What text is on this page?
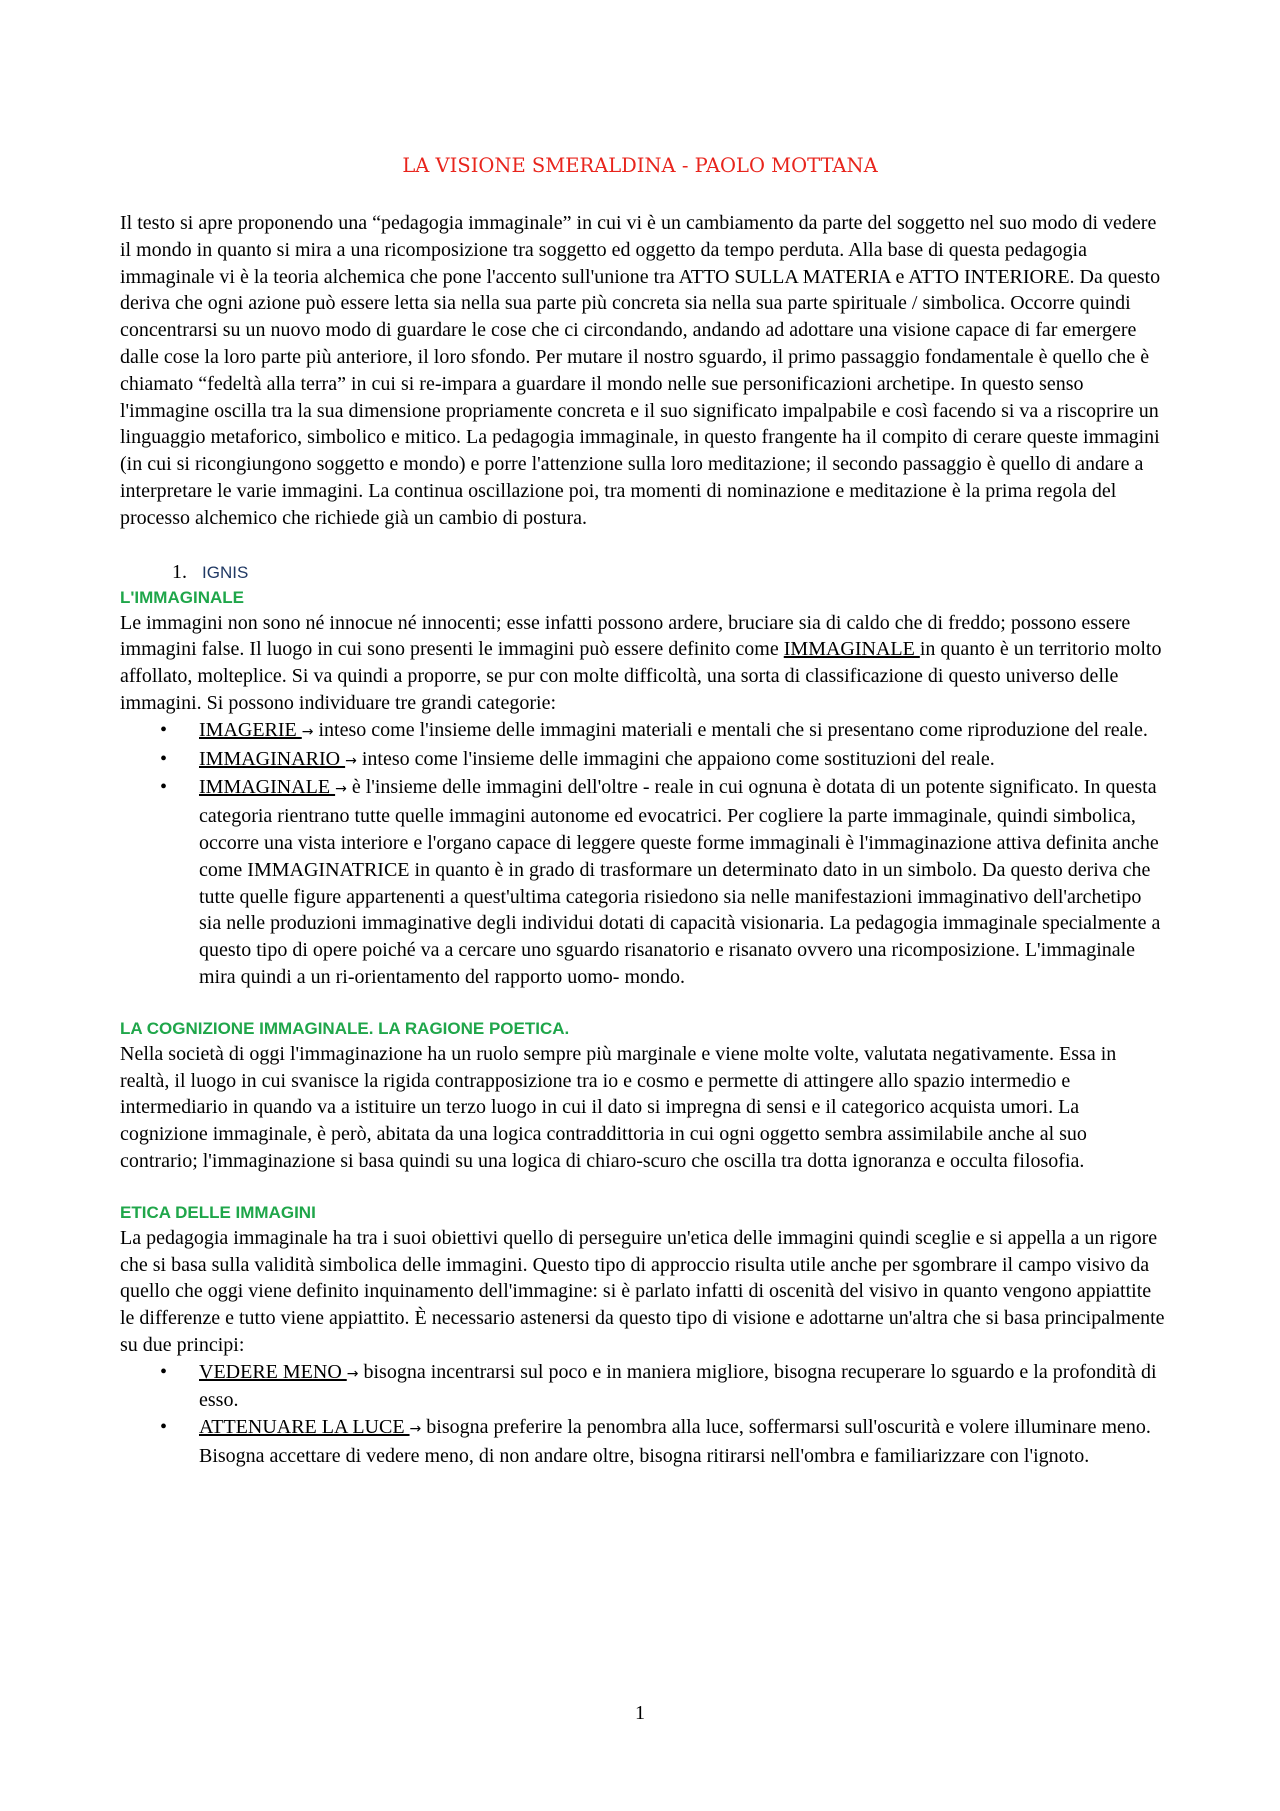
LA VISIONE SMERALDINA - PAOLO MOTTANA

Il testo si apre proponendo una “pedagogia immaginale” in cui vi è un cambiamento da parte del soggetto nel suo modo di vedere il mondo in quanto si mira a una ricomposizione tra soggetto ed oggetto da tempo perduta. Alla base di questa pedagogia immaginale vi è la teoria alchemica che pone l'accento sull'unione tra ATTO SULLA MATERIA e ATTO INTERIORE. Da questo deriva che ogni azione può essere letta sia nella sua parte più concreta sia nella sua parte spirituale / simbolica. Occorre quindi concentrarsi su un nuovo modo di guardare le cose che ci circondando, andando ad adottare una visione capace di far emergere dalle cose la loro parte più anteriore, il loro sfondo. Per mutare il nostro sguardo, il primo passaggio fondamentale è quello che è chiamato “fedeltà alla terra” in cui si re-impara a guardare il mondo nelle sue personificazioni archetipe. In questo senso l'immagine oscilla tra la sua dimensione propriamente concreta e il suo significato impalpabile e così facendo si va a riscoprire un linguaggio metaforico, simbolico e mitico. La pedagogia immaginale, in questo frangente ha il compito di cerare queste immagini (in cui si ricongiungono soggetto e mondo) e porre l'attenzione sulla loro meditazione; il secondo passaggio è quello di andare a interpretare le varie immagini. La continua oscillazione poi, tra momenti di nominazione e meditazione è la prima regola del processo alchemico che richiede già un cambio di postura.

1. IGNIS
L'IMMAGINALE

Le immagini non sono né innocue né innocenti; esse infatti possono ardere, bruciare sia di caldo che di freddo; possono essere immagini false. Il luogo in cui sono presenti le immagini può essere definito come IMMAGINALE in quanto è un territorio molto affollato, molteplice. Si va quindi a proporre, se pur con molte difficoltà, una sorta di classificazione di questo universo delle immagini. Si possono individuare tre grandi categorie:

• IMAGERIE → inteso come l'insieme delle immagini materiali e mentali che si presentano come riproduzione del reale.
• IMMAGINARIO → inteso come l'insieme delle immagini che appaiono come sostituzioni del reale.
• IMMAGINALE → è l'insieme delle immagini dell'oltre - reale in cui ognuna è dotata di un potente significato. In questa categoria rientrano tutte quelle immagini autonome ed evocatrici. Per cogliere la parte immaginale, quindi simbolica, occorre una vista interiore e l'organo capace di leggere queste forme immaginali è l'immaginazione attiva definita anche come IMMAGINATRICE in quanto è in grado di trasformare un determinato dato in un simbolo. Da questo deriva che tutte quelle figure appartenenti a quest'ultima categoria risiedono sia nelle manifestazioni immaginativo dell'archetipo sia nelle produzioni immaginative degli individui dotati di capacità visionaria. La pedagogia immaginale specialmente a questo tipo di opere poiché va a cercare uno sguardo risanatorio e risanato ovvero una ricomposizione. L'immaginale mira quindi a un ri-orientamento del rapporto uomo- mondo.
LA COGNIZIONE IMMAGINALE. LA RAGIONE POETICA.

Nella società di oggi l'immaginazione ha un ruolo sempre più marginale e viene molte volte, valutata negativamente. Essa in realtà, il luogo in cui svanisce la rigida contrapposizione tra io e cosmo e permette di attingere allo spazio intermedio e intermediario in quando va a istituire un terzo luogo in cui il dato si impregna di sensi e il categorico acquista umori. La cognizione immaginale, è però, abitata da una logica contraddittoria in cui ogni oggetto sembra assimilabile anche al suo contrario; l'immaginazione si basa quindi su una logica di chiaro-scuro che oscilla tra dotta ignoranza e occulta filosofia.

ETICA DELLE IMMAGINI

La pedagogia immaginale ha tra i suoi obiettivi quello di perseguire un'etica delle immagini quindi sceglie e si appella a un rigore che si basa sulla validità simbolica delle immagini. Questo tipo di approccio risulta utile anche per sgombrare il campo visivo da quello che oggi viene definito inquinamento dell'immagine: si è parlato infatti di oscenità del visivo in quanto vengono appiattite le differenze e tutto viene appiattito. È necessario astenersi da questo tipo di visione e adottarne un'altra che si basa principalmente su due principi:

• VEDERE MENO → bisogna incentrarsi sul poco e in maniera migliore, bisogna recuperare lo sguardo e la profondità di esso.
• ATTENUARE LA LUCE → bisogna preferire la penombra alla luce, soffermarsi sull'oscurità e volere illuminare meno. Bisogna accettare di vedere meno, di non andare oltre, bisogna ritirarsi nell'ombra e familiarizzare con l'ignoto.
1
